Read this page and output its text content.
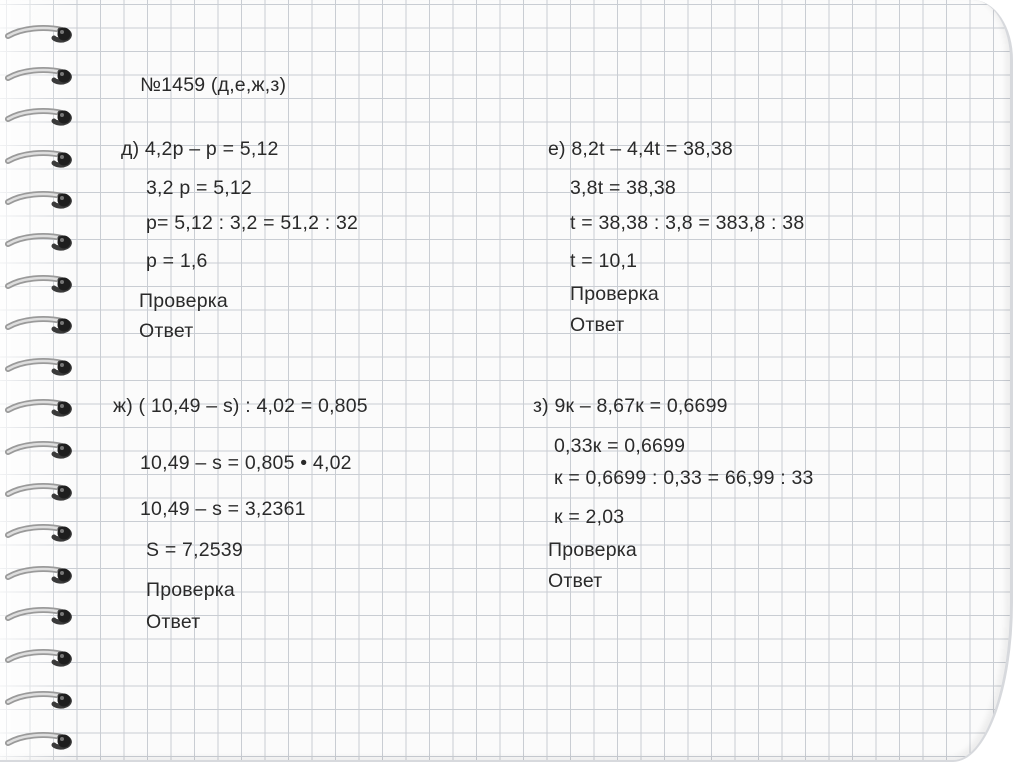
№1459 (д,е,ж,з)
д) 4,2p – p = 5,12
3,2 p = 5,12
p= 5,12 : 3,2 = 51,2 : 32
p = 1,6
Проверка
Ответ
е) 8,2t – 4,4t = 38,38
3,8t = 38,38
t = 38,38 : 3,8 = 383,8 : 38
t = 10,1
Проверка
Ответ
ж) ( 10,49 – s) : 4,02 = 0,805
10,49 – s = 0,805 • 4,02
10,49 – s = 3,2361
S = 7,2539
Проверка
Ответ
з) 9к – 8,67к = 0,6699
0,33к = 0,6699
к = 0,6699 : 0,33 = 66,99 : 33
к = 2,03
Проверка
Ответ
